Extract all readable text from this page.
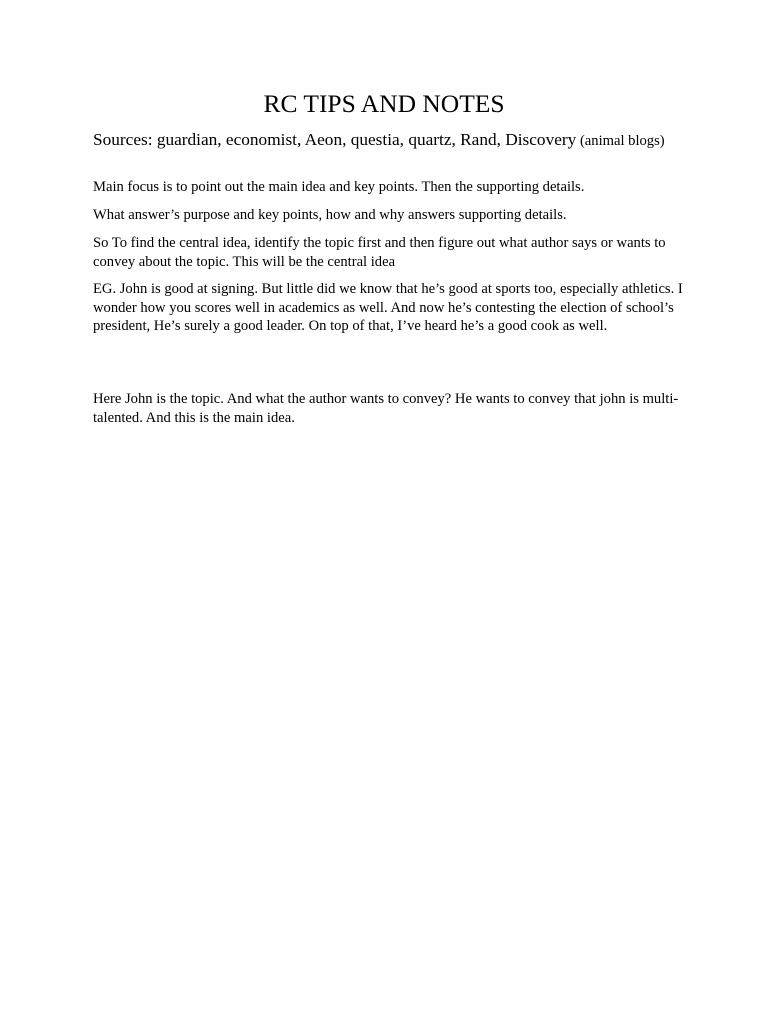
RC TIPS AND NOTES

Sources: guardian, economist, Aeon, questia, quartz, Rand, Discovery (animal blogs)

Main focus is to point out the main idea and key points. Then the supporting details.

What answer’s purpose and key points, how and why answers supporting details.

So To find the central idea, identify the topic first and then figure out what author says or wants to convey about the topic. This will be the central idea

EG. John is good at signing. But little did we know that he’s good at sports too, especially athletics. I wonder how you scores well in academics as well. And now he’s contesting the election of school’s president, He’s surely a good leader. On top of that, I’ve heard he’s a good cook as well.

Here John is the topic. And what the author wants to convey? He wants to convey that john is multi-talented. And this is the main idea.
